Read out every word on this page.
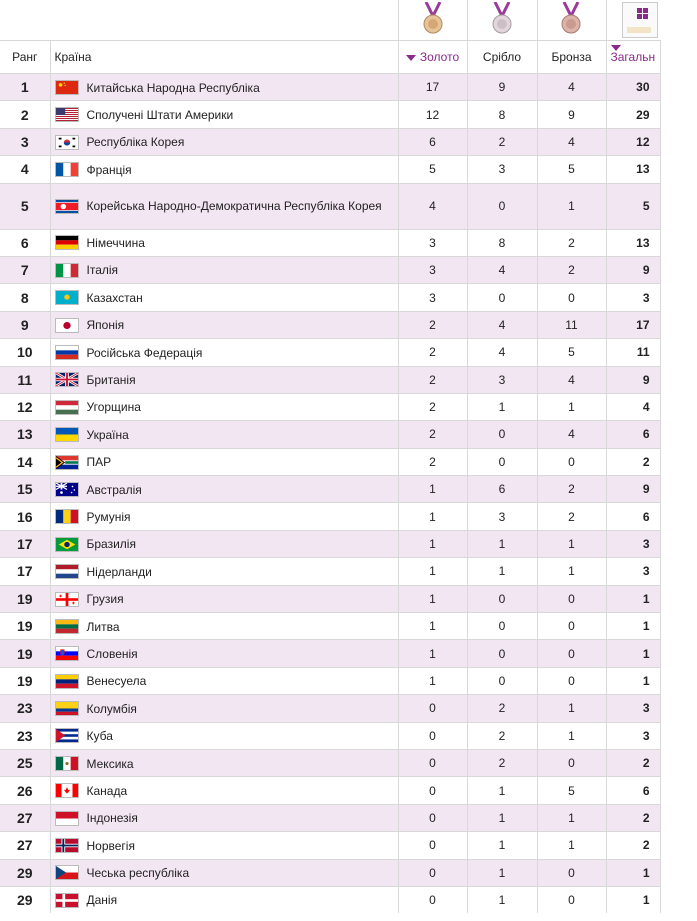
Ранг	Країна	Золото	Срібло	Бронза	Загальн
1	Китайська Народна Республіка	17	9	4	30
2	Сполучені Штати Америки	12	8	9	29
3	Республіка Корея	6	2	4	12
4	Франція	5	3	5	13
5	Корейська Народно-Демократична Республіка Корея	4	0	1	5
6	Німеччина	3	8	2	13
7	Італія	3	4	2	9
8	Казахстан	3	0	0	3
9	Японія	2	4	11	17
10	Російська Федерація	2	4	5	11
11	Британія	2	3	4	9
12	Угорщина	2	1	1	4
13	Україна	2	0	4	6
14	ПАР	2	0	0	2
15	Австралія	1	6	2	9
16	Румунія	1	3	2	6
17	Бразилія	1	1	1	3
17	Нідерланди	1	1	1	3
19	Грузия	1	0	0	1
19	Литва	1	0	0	1
19	Словенія	1	0	0	1
19	Венесуела	1	0	0	1
23	Колумбія	0	2	1	3
23	Куба	0	2	1	3
25	Мексика	0	2	0	2
26	Канада	0	1	5	6
27	Індонезія	0	1	1	2
27	Норвегія	0	1	1	2
29	Чеська республіка	0	1	0	1
29	Данія	0	1	0	1
